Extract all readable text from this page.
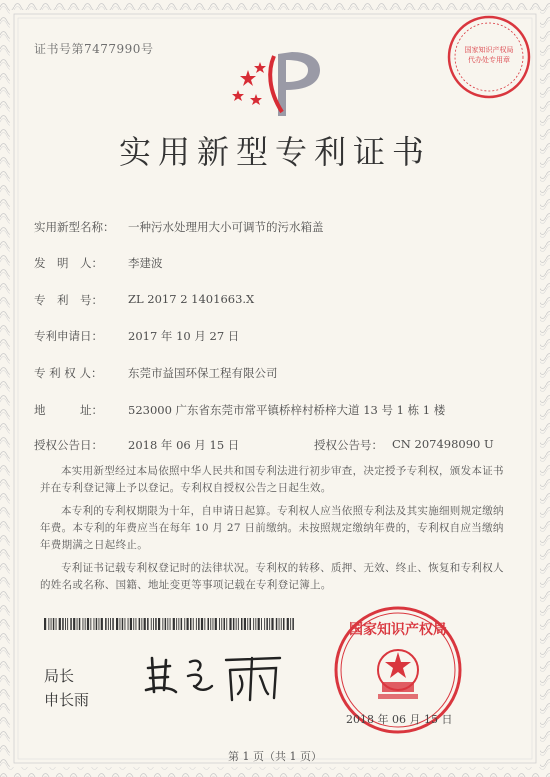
证书号第7477990号	国家知识产权局
代办处专用章
实用新型专利证书
实用新型名称： 一种污水处理用大小可调节的污水箱盖
发　明　人： 李建波
专　利　号： ZL 2017 2 1401663.X
专利申请日： 2017 年 10 月 27 日
专 利 权 人： 东莞市益国环保工程有限公司
地　　　址： 523000 广东省东莞市常平镇桥梓村桥梓大道 13 号 1 栋 1 楼
授权公告日： 2018 年 06 月 15 日	授权公告号： CN 207498090 U

本实用新型经过本局依照中华人民共和国专利法进行初步审查，决定授予专利权，颁发本证书并在专利登记簿上予以登记。专利权自授权公告之日起生效。

本专利的专利权期限为十年，自申请日起算。专利权人应当依照专利法及其实施细则规定缴纳年费。本专利的年费应当在每年 10 月 27 日前缴纳。未按照规定缴纳年费的，专利权自应当缴纳年费期满之日起终止。

专利证书记载专利权登记时的法律状况。专利权的转移、质押、无效、终止、恢复和专利权人的姓名或名称、国籍、地址变更等事项记载在专利登记簿上。

局长
申长雨
国家知识产权局
2018 年 06 月 15 日
第 1 页（共 1 页）
